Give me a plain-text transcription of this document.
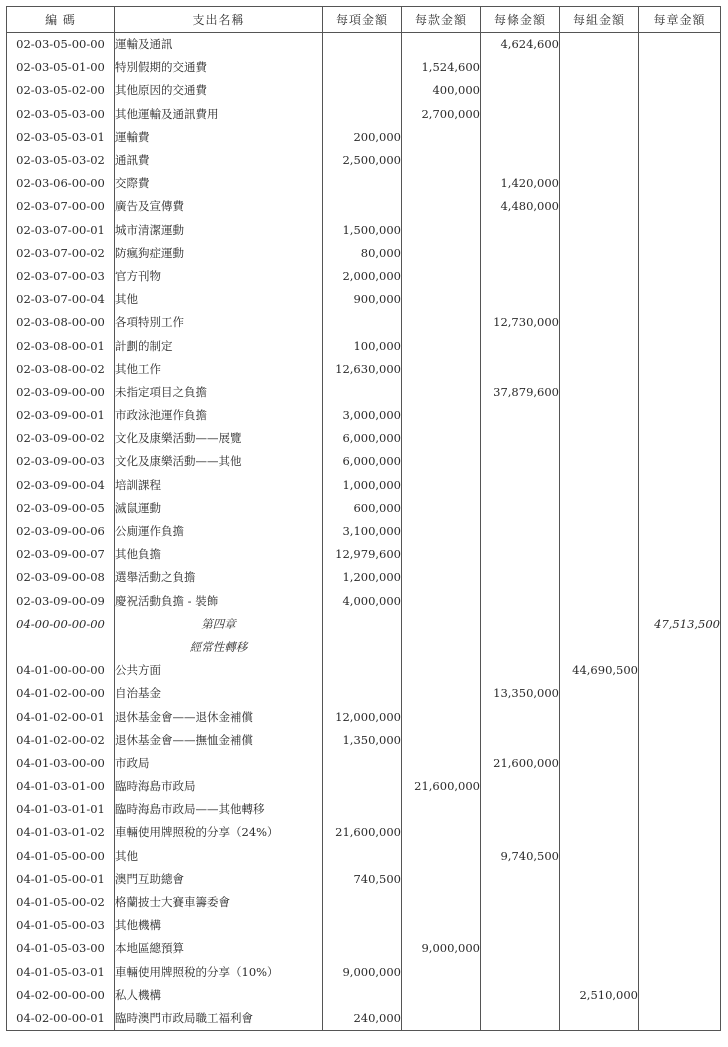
編 碼	支出名稱	每項金額	每款金額	每條金額	每組金額	每章金額
02-03-05-00-00	運輸及通訊			4,624,600		
02-03-05-01-00	特別假期的交通費		1,524,600			
02-03-05-02-00	其他原因的交通費		400,000			
02-03-05-03-00	其他運輸及通訊費用		2,700,000			
02-03-05-03-01	運輸費	200,000				
02-03-05-03-02	通訊費	2,500,000				
02-03-06-00-00	交際費			1,420,000		
02-03-07-00-00	廣告及宣傳費			4,480,000		
02-03-07-00-01	城市清潔運動	1,500,000				
02-03-07-00-02	防瘋狗症運動	80,000				
02-03-07-00-03	官方刊物	2,000,000				
02-03-07-00-04	其他	900,000				
02-03-08-00-00	各項特別工作			12,730,000		
02-03-08-00-01	計劃的制定	100,000				
02-03-08-00-02	其他工作	12,630,000				
02-03-09-00-00	未指定項目之負擔			37,879,600		
02-03-09-00-01	市政泳池運作負擔	3,000,000				
02-03-09-00-02	文化及康樂活動——展覽	6,000,000				
02-03-09-00-03	文化及康樂活動——其他	6,000,000				
02-03-09-00-04	培訓課程	1,000,000				
02-03-09-00-05	滅鼠運動	600,000				
02-03-09-00-06	公廁運作負擔	3,100,000				
02-03-09-00-07	其他負擔	12,979,600				
02-03-09-00-08	選舉活動之負擔	1,200,000				
02-03-09-00-09	慶祝活動負擔 - 裝飾	4,000,000				
04-00-00-00-00	第四章					47,513,500
	經常性轉移					
04-01-00-00-00	公共方面				44,690,500	
04-01-02-00-00	自治基金			13,350,000		
04-01-02-00-01	退休基金會——退休金補償	12,000,000				
04-01-02-00-02	退休基金會——撫恤金補償	1,350,000				
04-01-03-00-00	市政局			21,600,000		
04-01-03-01-00	臨時海島市政局		21,600,000			
04-01-03-01-01	臨時海島市政局——其他轉移					
04-01-03-01-02	車輛使用牌照稅的分享（24%）	21,600,000				
04-01-05-00-00	其他			9,740,500		
04-01-05-00-01	澳門互助總會	740,500				
04-01-05-00-02	格蘭披士大賽車籌委會					
04-01-05-00-03	其他機構					
04-01-05-03-00	本地區總預算		9,000,000			
04-01-05-03-01	車輛使用牌照稅的分享（10%）	9,000,000				
04-02-00-00-00	私人機構				2,510,000	
04-02-00-00-01	臨時澳門市政局職工福利會	240,000				
